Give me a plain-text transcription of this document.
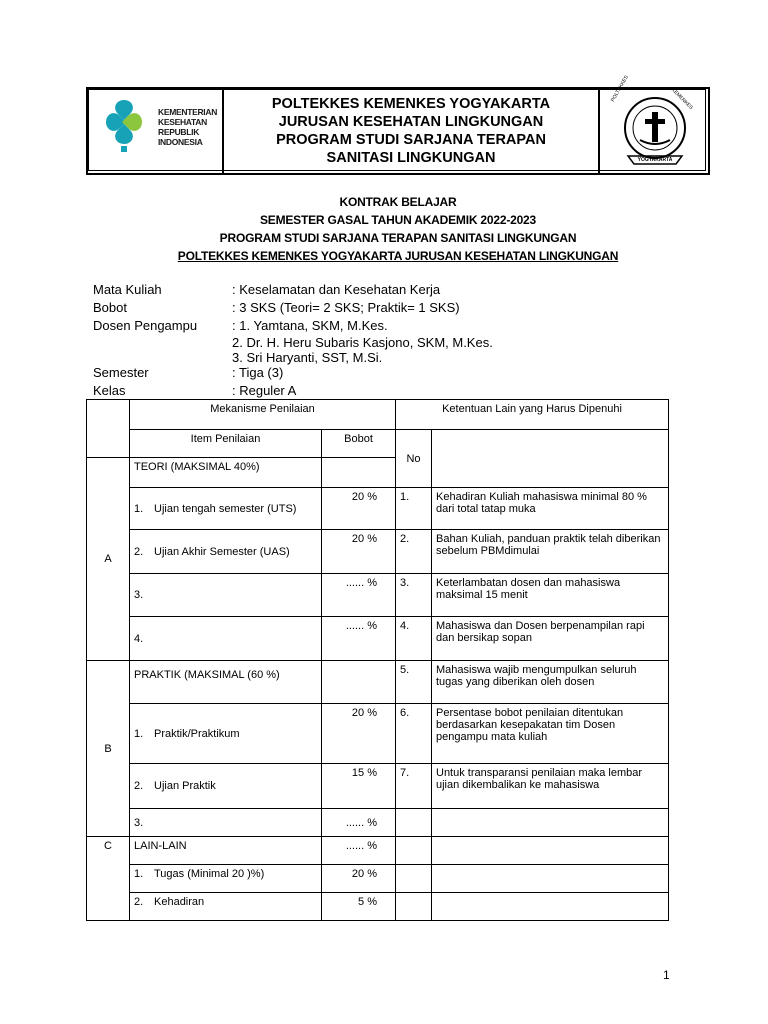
KEMENTERIAN
KESEHATAN
REPUBLIK
INDONESIA
POLTEKKES KEMENKES YOGYAKARTA
JURUSAN KESEHATAN LINGKUNGAN
PROGRAM STUDI SARJANA TERAPAN
SANITASI LINGKUNGAN
POLTEKKES	KEMENKES
YOGYAKARTA
KONTRAK BELAJAR
SEMESTER GASAL TAHUN AKADEMIK 2022-2023
PROGRAM STUDI SARJANA TERAPAN SANITASI LINGKUNGAN
POLTEKKES KEMENKES YOGYAKARTA JURUSAN KESEHATAN LINGKUNGAN
Mata Kuliah	: Keselamatan dan Kesehatan Kerja
Bobot	: 3 SKS (Teori= 2 SKS; Praktik= 1 SKS)
Dosen Pengampu	: 1. Yamtana, SKM, M.Kes.
2. Dr. H. Heru Subaris Kasjono, SKM, M.Kes.
3. Sri Haryanti, SST, M.Si.
Semester	: Tiga (3)
Kelas	: Reguler A
	Mekanisme Penilaian		Ketentuan Lain yang Harus Dipenuhi	
	Item Penilaian	Bobot	No	
A	TEORI (MAKSIMAL 40%)			
	1. Ujian tengah semester (UTS)	20 %	1.	Kehadiran Kuliah mahasiswa minimal 80 % dari total tatap muka
	2. Ujian Akhir Semester (UAS)	20 %	2.	Bahan Kuliah, panduan praktik telah diberikan sebelum PBMdimulai
	3.	...... %	3.	Keterlambatan dosen dan mahasiswa maksimal 15 menit
	4.	...... %	4.	Mahasiswa dan Dosen berpenampilan rapi dan bersikap sopan
B	PRAKTIK (MAKSIMAL (60 %)		5.	Mahasiswa wajib mengumpulkan seluruh tugas yang diberikan oleh dosen
	1. Praktik/Praktikum	20 %	6.	Persentase bobot penilaian ditentukan berdasarkan kesepakatan tim Dosen pengampu mata kuliah
	2. Ujian Praktik	15 %	7.	Untuk transparansi penilaian maka lembar ujian dikembalikan ke mahasiswa
	3.	...... %		
C	LAIN-LAIN	...... %		
	1. Tugas (Minimal 20 )%)	20 %		
	2. Kehadiran	5 %		
1
